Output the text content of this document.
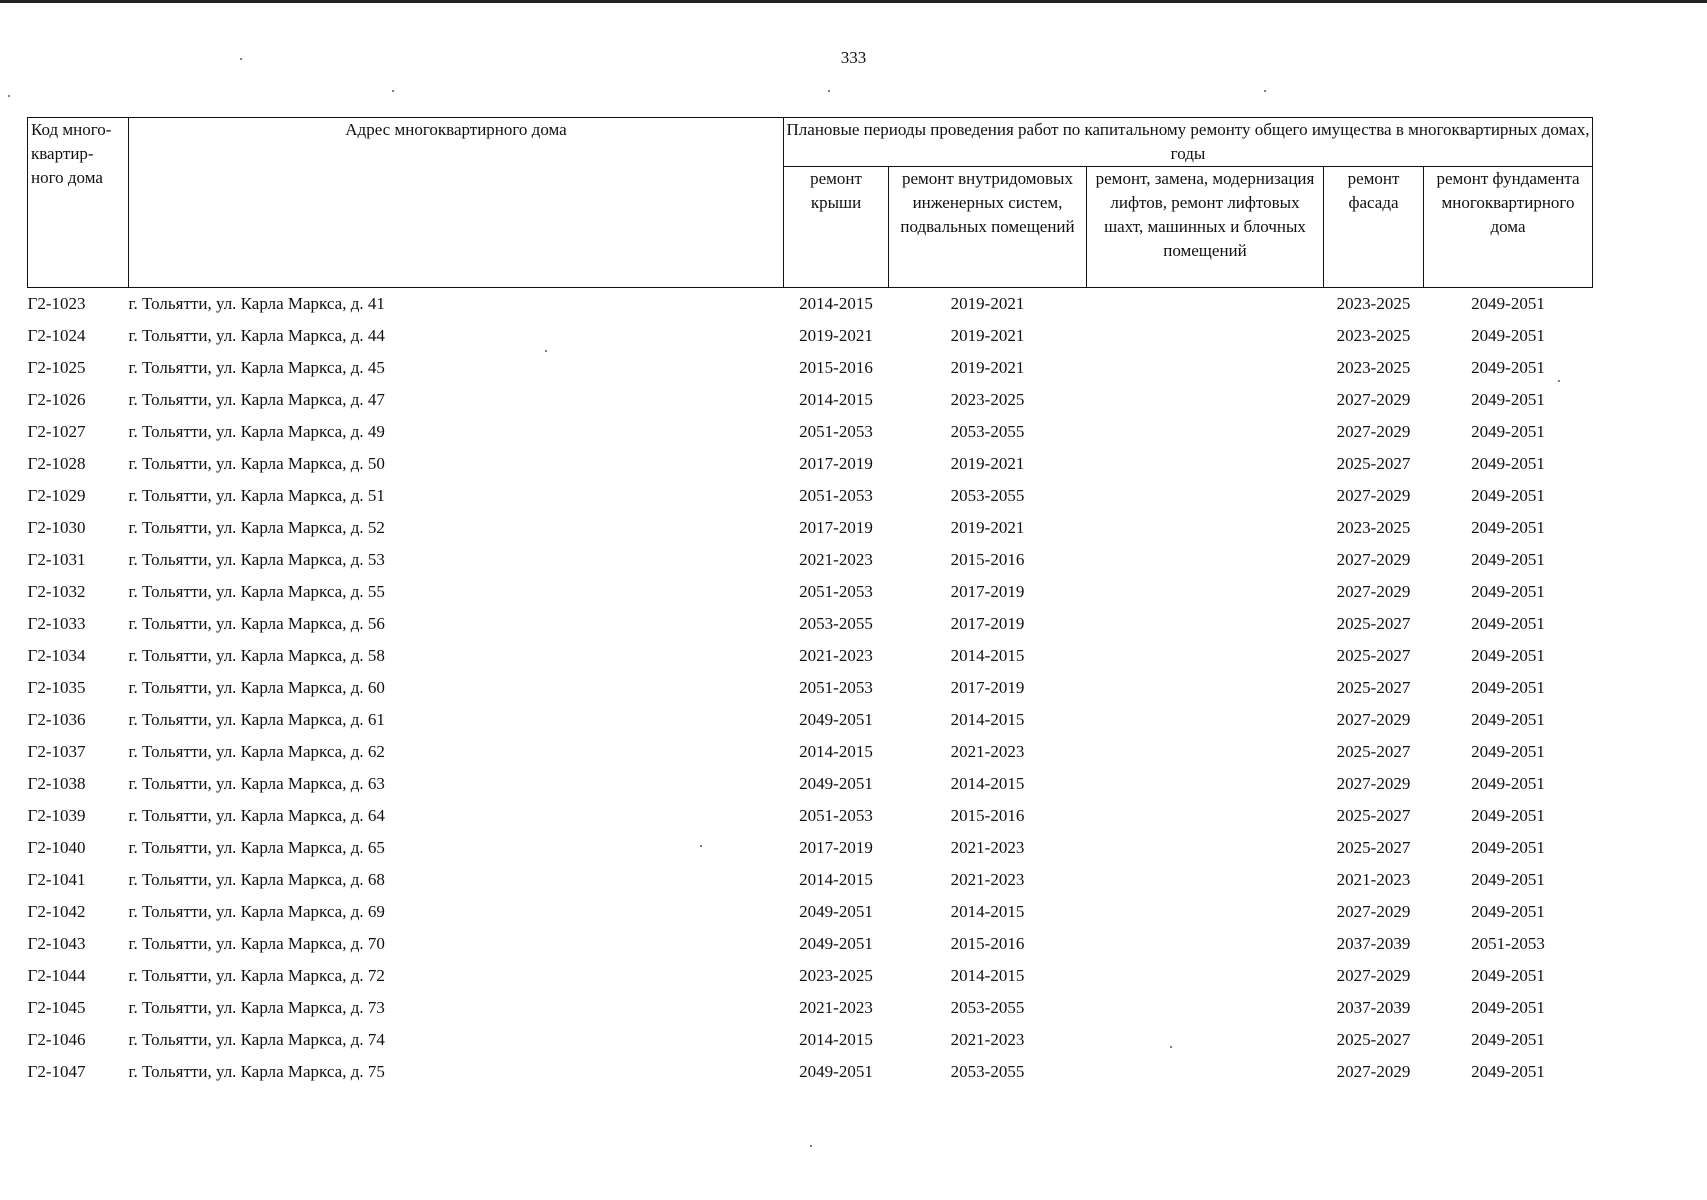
333
Код много-квартир-ного дома	Адрес многоквартирного дома	Плановые периоды проведения работ по капитальному ремонту общего имущества в многоквартирных домах, годы				
		ремонт крыши	ремонт внутридомовых инженерных систем, подвальных помещений	ремонт, замена, модернизация лифтов, ремонт лифтовых шахт, машинных и блочных помещений	ремонт фасада	ремонт фундамента многоквартирного дома
Г2-1023	г. Тольятти, ул. Карла Маркса, д. 41	2014-2015	2019-2021		2023-2025	2049-2051
Г2-1024	г. Тольятти, ул. Карла Маркса, д. 44	2019-2021	2019-2021		2023-2025	2049-2051
Г2-1025	г. Тольятти, ул. Карла Маркса, д. 45	2015-2016	2019-2021		2023-2025	2049-2051
Г2-1026	г. Тольятти, ул. Карла Маркса, д. 47	2014-2015	2023-2025		2027-2029	2049-2051
Г2-1027	г. Тольятти, ул. Карла Маркса, д. 49	2051-2053	2053-2055		2027-2029	2049-2051
Г2-1028	г. Тольятти, ул. Карла Маркса, д. 50	2017-2019	2019-2021		2025-2027	2049-2051
Г2-1029	г. Тольятти, ул. Карла Маркса, д. 51	2051-2053	2053-2055		2027-2029	2049-2051
Г2-1030	г. Тольятти, ул. Карла Маркса, д. 52	2017-2019	2019-2021		2023-2025	2049-2051
Г2-1031	г. Тольятти, ул. Карла Маркса, д. 53	2021-2023	2015-2016		2027-2029	2049-2051
Г2-1032	г. Тольятти, ул. Карла Маркса, д. 55	2051-2053	2017-2019		2027-2029	2049-2051
Г2-1033	г. Тольятти, ул. Карла Маркса, д. 56	2053-2055	2017-2019		2025-2027	2049-2051
Г2-1034	г. Тольятти, ул. Карла Маркса, д. 58	2021-2023	2014-2015		2025-2027	2049-2051
Г2-1035	г. Тольятти, ул. Карла Маркса, д. 60	2051-2053	2017-2019		2025-2027	2049-2051
Г2-1036	г. Тольятти, ул. Карла Маркса, д. 61	2049-2051	2014-2015		2027-2029	2049-2051
Г2-1037	г. Тольятти, ул. Карла Маркса, д. 62	2014-2015	2021-2023		2025-2027	2049-2051
Г2-1038	г. Тольятти, ул. Карла Маркса, д. 63	2049-2051	2014-2015		2027-2029	2049-2051
Г2-1039	г. Тольятти, ул. Карла Маркса, д. 64	2051-2053	2015-2016		2025-2027	2049-2051
Г2-1040	г. Тольятти, ул. Карла Маркса, д. 65	2017-2019	2021-2023		2025-2027	2049-2051
Г2-1041	г. Тольятти, ул. Карла Маркса, д. 68	2014-2015	2021-2023		2021-2023	2049-2051
Г2-1042	г. Тольятти, ул. Карла Маркса, д. 69	2049-2051	2014-2015		2027-2029	2049-2051
Г2-1043	г. Тольятти, ул. Карла Маркса, д. 70	2049-2051	2015-2016		2037-2039	2051-2053
Г2-1044	г. Тольятти, ул. Карла Маркса, д. 72	2023-2025	2014-2015		2027-2029	2049-2051
Г2-1045	г. Тольятти, ул. Карла Маркса, д. 73	2021-2023	2053-2055		2037-2039	2049-2051
Г2-1046	г. Тольятти, ул. Карла Маркса, д. 74	2014-2015	2021-2023		2025-2027	2049-2051
Г2-1047	г. Тольятти, ул. Карла Маркса, д. 75	2049-2051	2053-2055		2027-2029	2049-2051
